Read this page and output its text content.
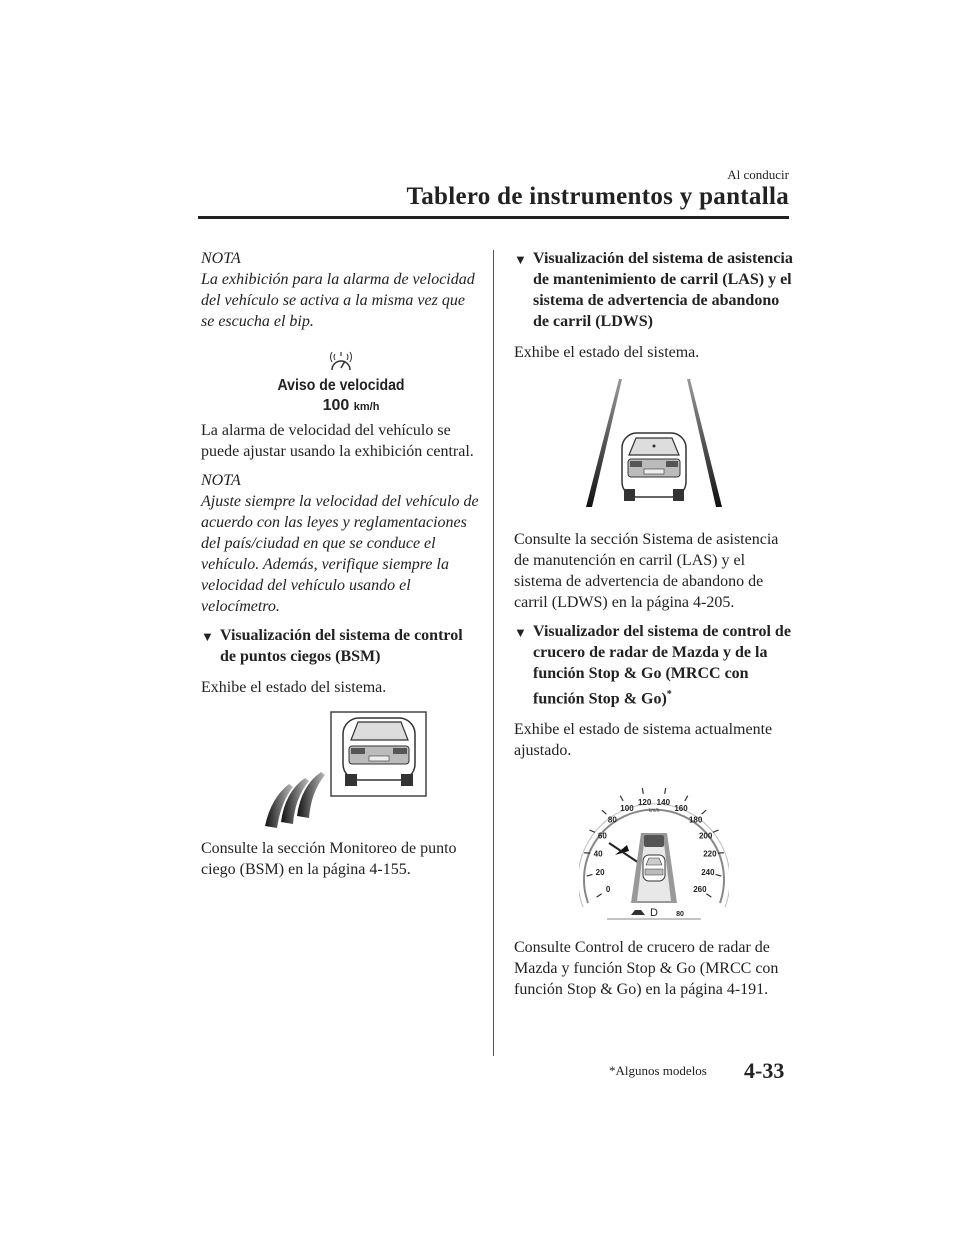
Al conducir
Tablero de instrumentos y pantalla

NOTA

La exhibición para la alarma de velocidad del vehículo se activa a la misma vez que se escucha el bip.

Aviso de velocidad
100 km/h

La alarma de velocidad del vehículo se puede ajustar usando la exhibición central.

NOTA

Ajuste siempre la velocidad del vehículo de acuerdo con las leyes y reglamentaciones del país/ciudad en que se conduce el vehículo. Además, verifique siempre la velocidad del vehículo usando el velocímetro.

▼ Visualización del sistema de control de puntos ciegos (BSM)

Exhibe el estado del sistema.

Consulte la sección Monitoreo de punto ciego (BSM) en la página 4-155.

▼ Visualización del sistema de asistencia de mantenimiento de carril (LAS) y el sistema de advertencia de abandono de carril (LDWS)

Exhibe el estado del sistema.

Consulte la sección Sistema de asistencia de manutención en carril (LAS) y el sistema de advertencia de abandono de carril (LDWS) en la página 4-205.

▼ Visualizador del sistema de control de crucero de radar de Mazda y de la función Stop & Go (MRCC con función Stop & Go)*

Exhibe el estado de sistema actualmente ajustado.

0
20
40
60
80
100
120 140
160
180
200
220
240
260
km/h
D	80

Consulte Control de crucero de radar de Mazda y función Stop & Go (MRCC con función Stop & Go) en la página 4-191.

*Algunos modelos 4-33
